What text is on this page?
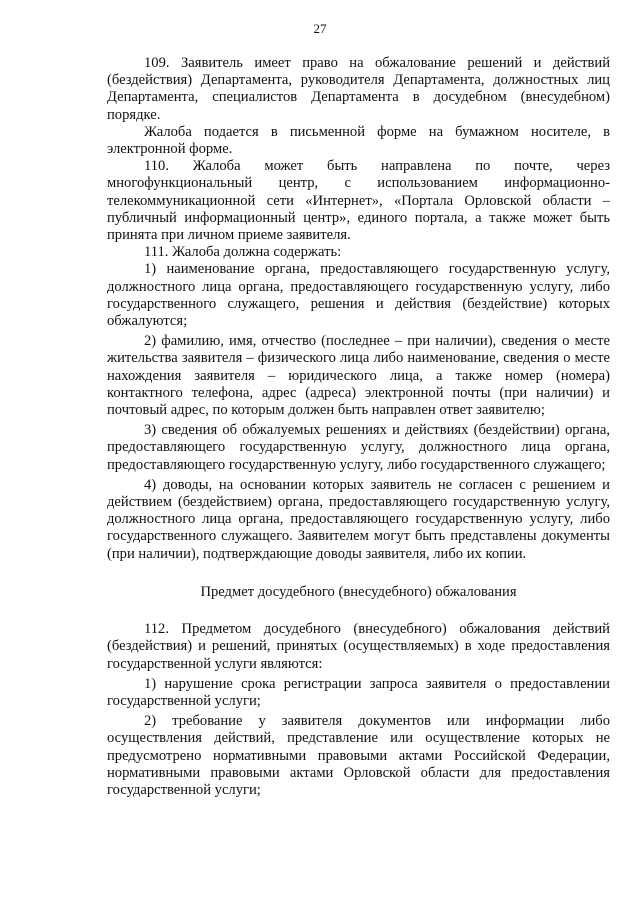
27

109. Заявитель имеет право на обжалование решений и действий (бездействия) Департамента, руководителя Департамента, должностных лиц Департамента, специалистов Департамента в досудебном (внесудебном) порядке.

Жалоба подается в письменной форме на бумажном носителе, в электронной форме.

110. Жалоба может быть направлена по почте, через многофункциональный центр, с использованием информационно-телекоммуникационной сети «Интернет», «Портала Орловской области – публичный информационный центр», единого портала, а также может быть принята при личном приеме заявителя.

111. Жалоба должна содержать:

1) наименование органа, предоставляющего государственную услугу, должностного лица органа, предоставляющего государственную услугу, либо государственного служащего, решения и действия (бездействие) которых обжалуются;

2) фамилию, имя, отчество (последнее – при наличии), сведения о месте жительства заявителя – физического лица либо наименование, сведения о месте нахождения заявителя – юридического лица, а также номер (номера) контактного телефона, адрес (адреса) электронной почты (при наличии) и почтовый адрес, по которым должен быть направлен ответ заявителю;

3) сведения об обжалуемых решениях и действиях (бездействии) органа, предоставляющего государственную услугу, должностного лица органа, предоставляющего государственную услугу, либо государственного служащего;

4) доводы, на основании которых заявитель не согласен с решением и действием (бездействием) органа, предоставляющего государственную услугу, должностного лица органа, предоставляющего государственную услугу, либо государственного служащего. Заявителем могут быть представлены документы (при наличии), подтверждающие доводы заявителя, либо их копии.

Предмет досудебного (внесудебного) обжалования

112. Предметом досудебного (внесудебного) обжалования действий (бездействия) и решений, принятых (осуществляемых) в ходе предоставления государственной услуги являются:

1) нарушение срока регистрации запроса заявителя о предоставлении государственной услуги;

2) требование у заявителя документов или информации либо осуществления действий, представление или осуществление которых не предусмотрено нормативными правовыми актами Российской Федерации, нормативными правовыми актами Орловской области для предоставления государственной услуги;
